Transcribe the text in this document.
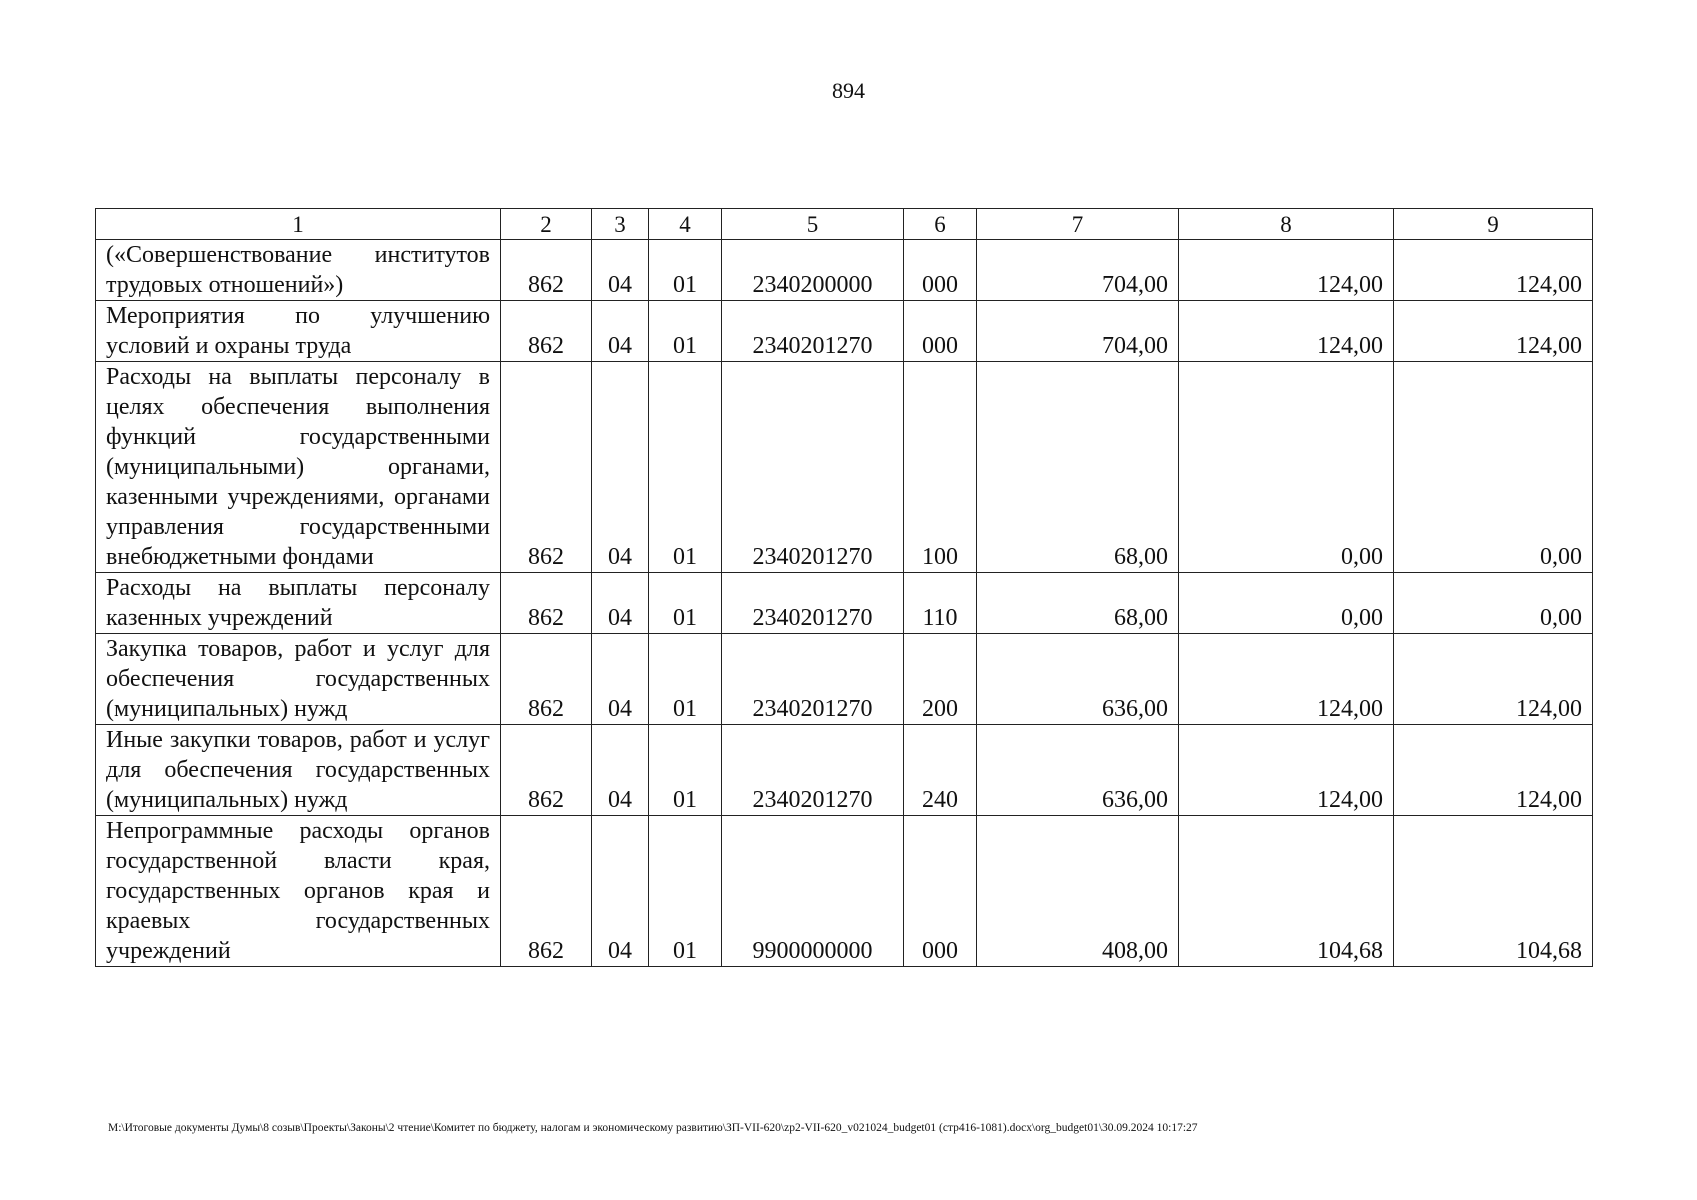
894
1	2	3	4	5	6	7	8	9
(«Совершенствование институтов трудовых отношений»)	862	04	01	2340200000	000	704,00	124,00	124,00
Мероприятия по улучшению условий и охраны труда	862	04	01	2340201270	000	704,00	124,00	124,00
Расходы на выплаты персоналу в целях обеспечения выполнения функций государственными (муниципальными) органами, казенными учреждениями, органами управления государственными внебюджетными фондами	862	04	01	2340201270	100	68,00	0,00	0,00
Расходы на выплаты персоналу казенных учреждений	862	04	01	2340201270	110	68,00	0,00	0,00
Закупка товаров, работ и услуг для обеспечения государственных (муниципальных) нужд	862	04	01	2340201270	200	636,00	124,00	124,00
Иные закупки товаров, работ и услуг для обеспечения государственных (муниципальных) нужд	862	04	01	2340201270	240	636,00	124,00	124,00
Непрограммные расходы органов государственной власти края, государственных органов края и краевых государственных учреждений	862	04	01	9900000000	000	408,00	104,68	104,68
M:\Итоговые документы Думы\8 созыв\Проекты\Законы\2 чтение\Комитет по бюджету, налогам и экономическому развитию\ЗП-VII-620\zp2-VII-620_v021024_budget01 (стр416-1081).docx\org_budget01\30.09.2024 10:17:27
